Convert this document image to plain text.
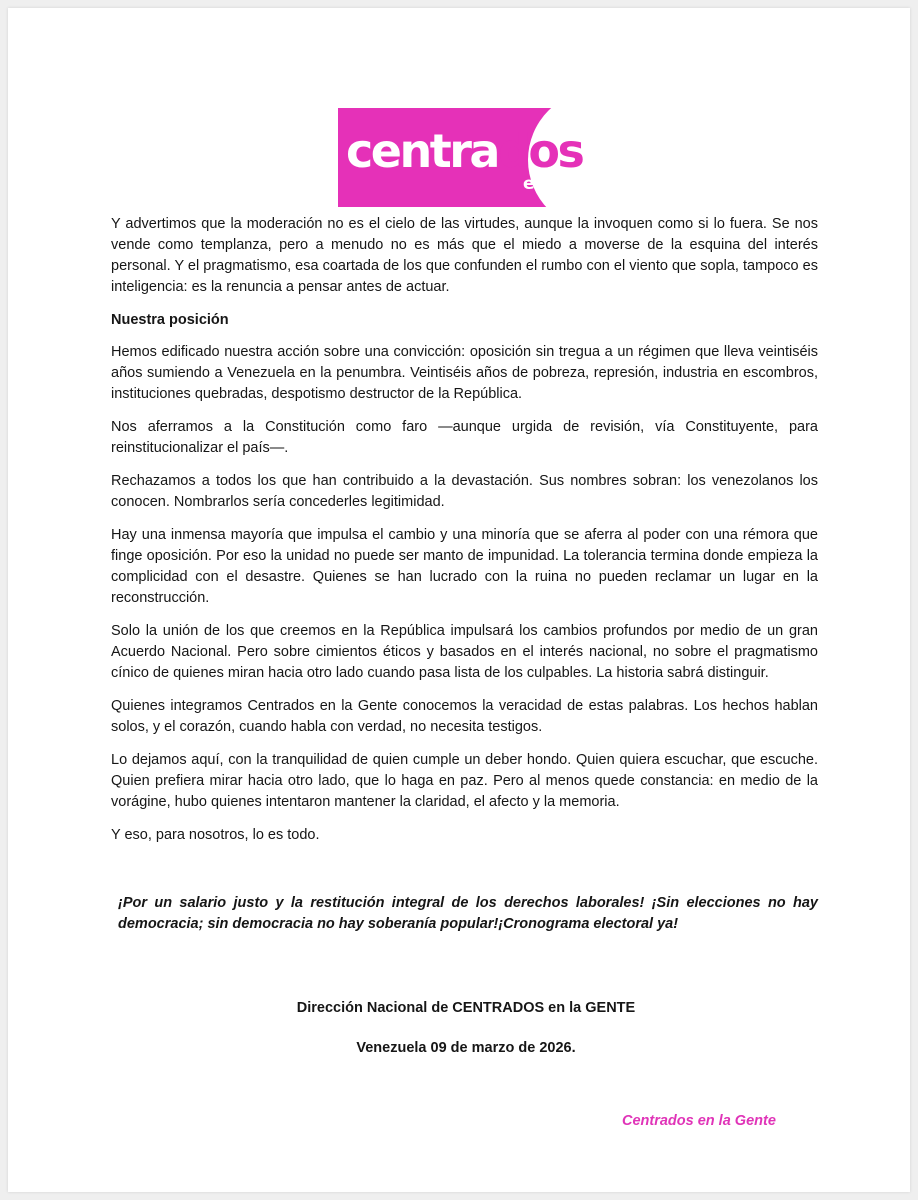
centrados
en la gente

Y advertimos que la moderación no es el cielo de las virtudes, aunque la invoquen como si lo fuera. Se nos vende como templanza, pero a menudo no es más que el miedo a moverse de la esquina del interés personal. Y el pragmatismo, esa coartada de los que confunden el rumbo con el viento que sopla, tampoco es inteligencia: es la renuncia a pensar antes de actuar.

Nuestra posición

Hemos edificado nuestra acción sobre una convicción: oposición sin tregua a un régimen que lleva veintiséis años sumiendo a Venezuela en la penumbra. Veintiséis años de pobreza, represión, industria en escombros, instituciones quebradas, despotismo destructor de la República.

Nos aferramos a la Constitución como faro —aunque urgida de revisión, vía Constituyente, para reinstitucionalizar el país—.

Rechazamos a todos los que han contribuido a la devastación. Sus nombres sobran: los venezolanos los conocen. Nombrarlos sería concederles legitimidad.

Hay una inmensa mayoría que impulsa el cambio y una minoría que se aferra al poder con una rémora que finge oposición. Por eso la unidad no puede ser manto de impunidad. La tolerancia termina donde empieza la complicidad con el desastre. Quienes se han lucrado con la ruina no pueden reclamar un lugar en la reconstrucción.

Solo la unión de los que creemos en la República impulsará los cambios profundos por medio de un gran Acuerdo Nacional. Pero sobre cimientos éticos y basados en el interés nacional, no sobre el pragmatismo cínico de quienes miran hacia otro lado cuando pasa lista de los culpables. La historia sabrá distinguir.

Quienes integramos Centrados en la Gente conocemos la veracidad de estas palabras. Los hechos hablan solos, y el corazón, cuando habla con verdad, no necesita testigos.

Lo dejamos aquí, con la tranquilidad de quien cumple un deber hondo. Quien quiera escuchar, que escuche. Quien prefiera mirar hacia otro lado, que lo haga en paz. Pero al menos quede constancia: en medio de la vorágine, hubo quienes intentaron mantener la claridad, el afecto y la memoria.

Y eso, para nosotros, lo es todo.

¡Por un salario justo y la restitución integral de los derechos laborales! ¡Sin elecciones no hay democracia; sin democracia no hay soberanía popular!¡Cronograma electoral ya!

Dirección Nacional de CENTRADOS en la GENTE

Venezuela 09 de marzo de 2026.

Centrados en la Gente
